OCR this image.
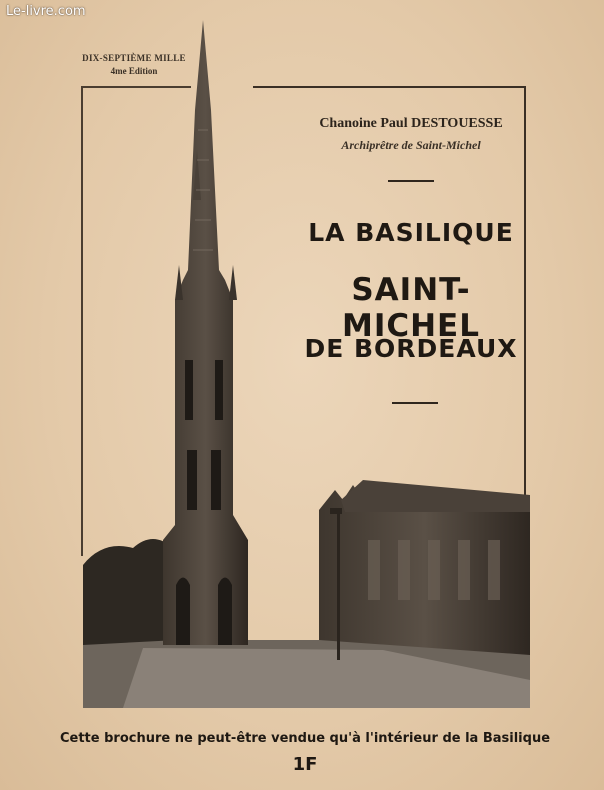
Le-livre.com
DIX-SEPTIÈME MILLE
4me Edition
Chanoine Paul DESTOUESSE
Archiprêtre de Saint-Michel
LA BASILIQUE
SAINT-MICHEL
DE BORDEAUX
Cette brochure ne peut-être vendue qu'à l'intérieur de la Basilique
1F
